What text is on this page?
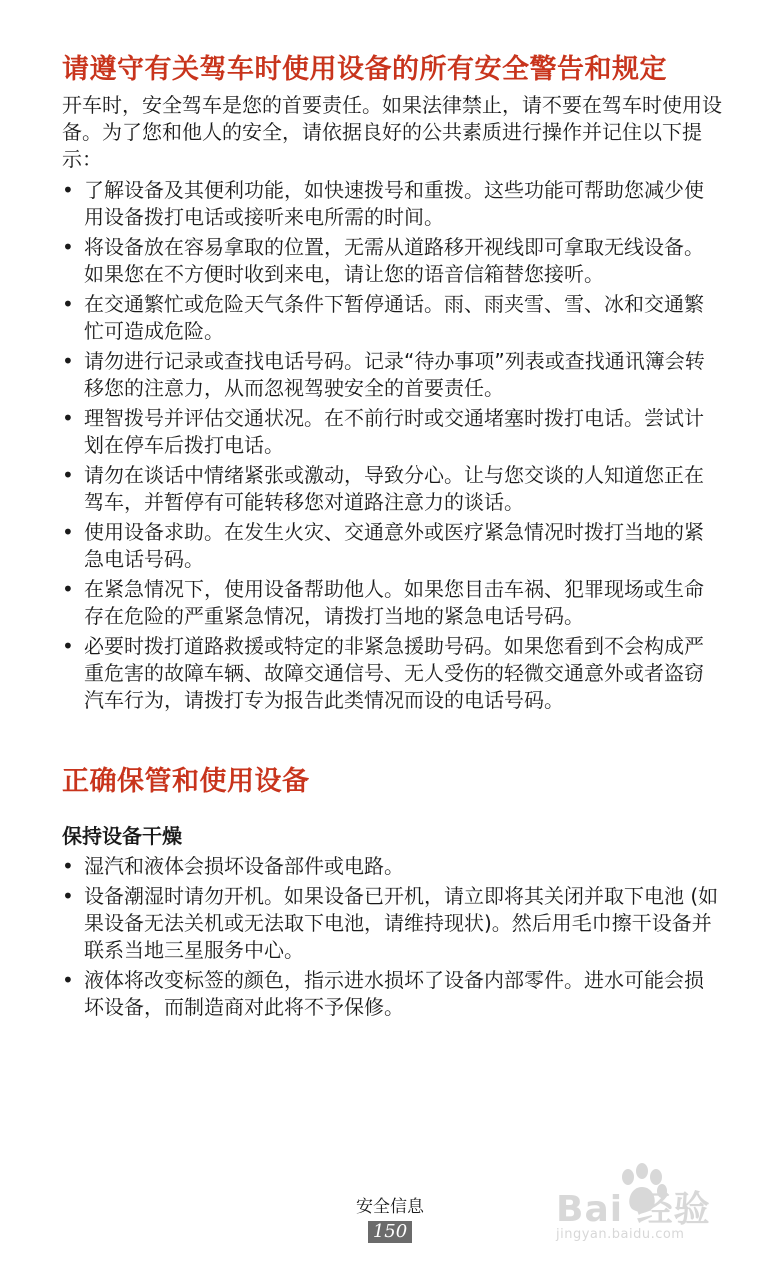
请遵守有关驾车时使用设备的所有安全警告和规定

开车时，安全驾车是您的首要责任。如果法律禁止，请不要在驾车时使用设备。为了您和他人的安全，请依据良好的公共素质进行操作并记住以下提示：

• 了解设备及其便利功能，如快速拨号和重拨。这些功能可帮助您减少使用设备拨打电话或接听来电所需的时间。
• 将设备放在容易拿取的位置，无需从道路移开视线即可拿取无线设备。如果您在不方便时收到来电，请让您的语音信箱替您接听。
• 在交通繁忙或危险天气条件下暂停通话。雨、雨夹雪、雪、冰和交通繁忙可造成危险。
• 请勿进行记录或查找电话号码。记录“待办事项”列表或查找通讯簿会转移您的注意力，从而忽视驾驶安全的首要责任。
• 理智拨号并评估交通状况。在不前行时或交通堵塞时拨打电话。尝试计划在停车后拨打电话。
• 请勿在谈话中情绪紧张或激动，导致分心。让与您交谈的人知道您正在驾车，并暂停有可能转移您对道路注意力的谈话。
• 使用设备求助。在发生火灾、交通意外或医疗紧急情况时拨打当地的紧急电话号码。
• 在紧急情况下，使用设备帮助他人。如果您目击车祸、犯罪现场或生命存在危险的严重紧急情况，请拨打当地的紧急电话号码。
• 必要时拨打道路救援或特定的非紧急援助号码。如果您看到不会构成严重危害的故障车辆、故障交通信号、无人受伤的轻微交通意外或者盗窃汽车行为，请拨打专为报告此类情况而设的电话号码。
正确保管和使用设备
保持设备干燥
• 湿汽和液体会损坏设备部件或电路。
• 设备潮湿时请勿开机。如果设备已开机，请立即将其关闭并取下电池 (如果设备无法关机或无法取下电池，请维持现状)。然后用毛巾擦干设备并联系当地三星服务中心。
• 液体将改变标签的颜色，指示进水损坏了设备内部零件。进水可能会损坏设备，而制造商对此将不予保修。
安全信息
150
Bai 经验
jingyan.baidu.com
